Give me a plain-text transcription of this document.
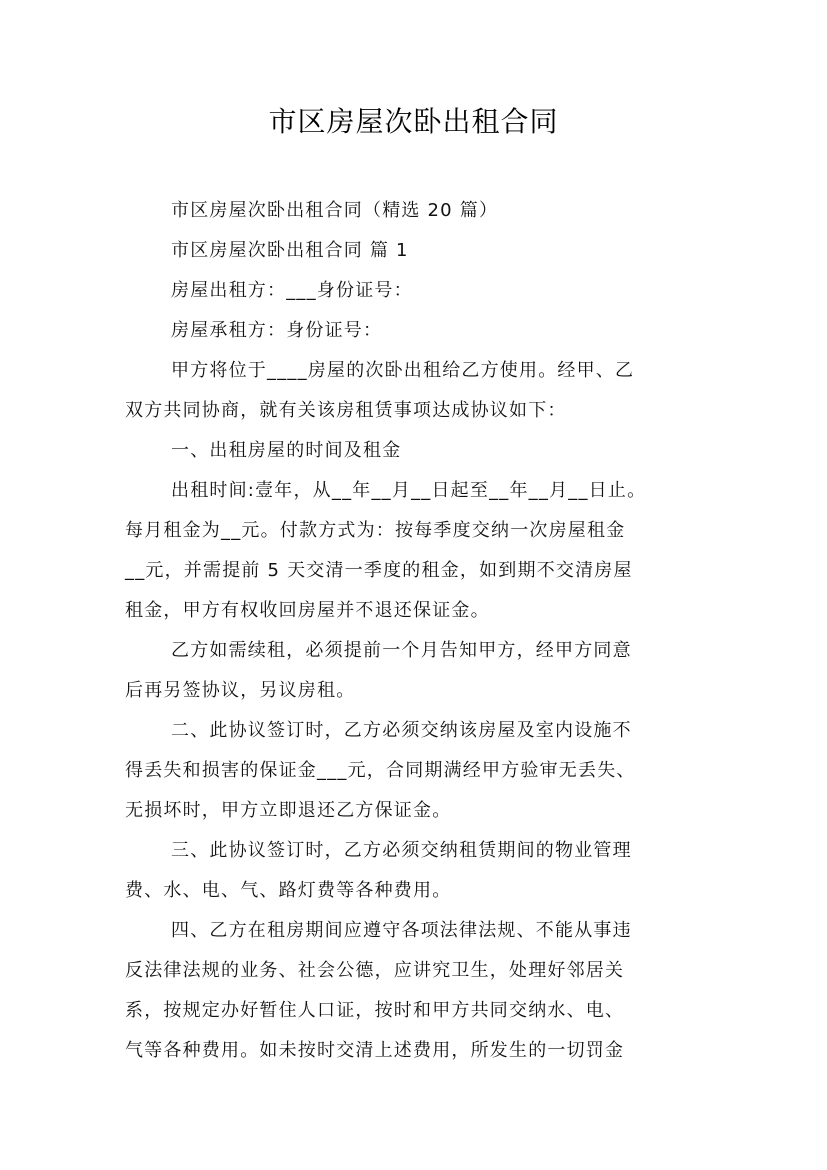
市区房屋次卧出租合同
市区房屋次卧出租合同（精选 20 篇）
市区房屋次卧出租合同 篇 1
房屋出租方：___身份证号：
房屋承租方：身份证号：
甲方将位于____房屋的次卧出租给乙方使用。经甲、乙
双方共同协商，就有关该房租赁事项达成协议如下：
一、出租房屋的时间及租金
出租时间:壹年，从__年__月__日起至__年__月__日止。
每月租金为__元。付款方式为：按每季度交纳一次房屋租金
__元，并需提前 5 天交清一季度的租金，如到期不交清房屋
租金，甲方有权收回房屋并不退还保证金。
乙方如需续租，必须提前一个月告知甲方，经甲方同意
后再另签协议，另议房租。
二、此协议签订时，乙方必须交纳该房屋及室内设施不
得丢失和损害的保证金___元，合同期满经甲方验审无丢失、
无损坏时，甲方立即退还乙方保证金。
三、此协议签订时，乙方必须交纳租赁期间的物业管理
费、水、电、气、路灯费等各种费用。
四、乙方在租房期间应遵守各项法律法规、不能从事违
反法律法规的业务、社会公德，应讲究卫生，处理好邻居关
系，按规定办好暂住人口证，按时和甲方共同交纳水、电、
气等各种费用。如未按时交清上述费用，所发生的一切罚金
